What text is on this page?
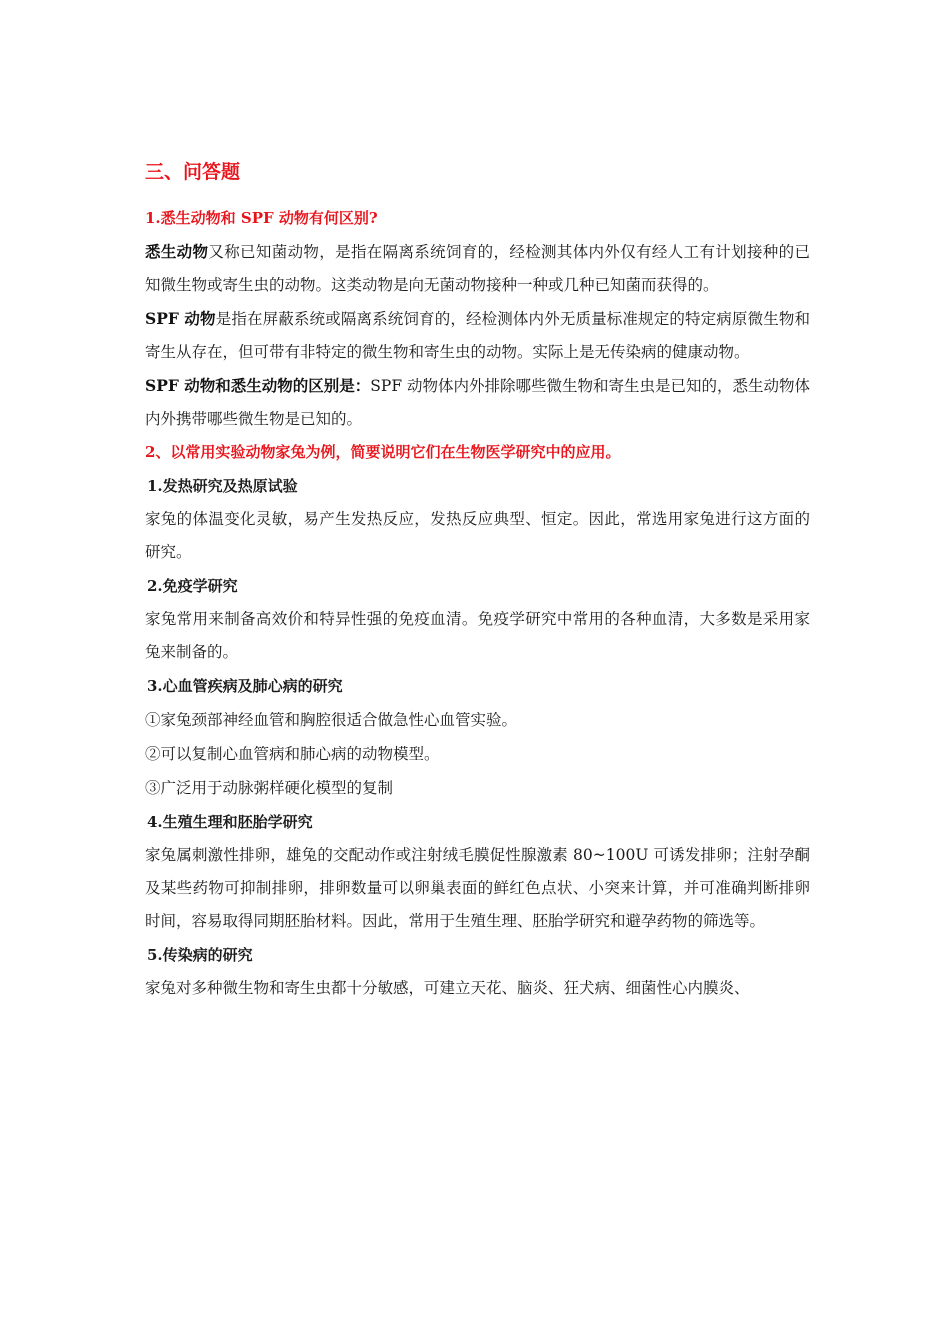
三、问答题

1.悉生动物和 SPF 动物有何区别?

悉生动物又称已知菌动物，是指在隔离系统饲育的，经检测其体内外仅有经人工有计划接种的已知微生物或寄生虫的动物。这类动物是向无菌动物接种一种或几种已知菌而获得的。

SPF 动物是指在屏蔽系统或隔离系统饲育的，经检测体内外无质量标准规定的特定病原微生物和寄生从存在，但可带有非特定的微生物和寄生虫的动物。实际上是无传染病的健康动物。

SPF 动物和悉生动物的区别是：SPF 动物体内外排除哪些微生物和寄生虫是已知的，悉生动物体内外携带哪些微生物是已知的。

2、以常用实验动物家兔为例，简要说明它们在生物医学研究中的应用。

1.发热研究及热原试验

家兔的体温变化灵敏，易产生发热反应，发热反应典型、恒定。因此，常选用家兔进行这方面的研究。

2.免疫学研究

家兔常用来制备高效价和特异性强的免疫血清。免疫学研究中常用的各种血清，大多数是采用家兔来制备的。

3.心血管疾病及肺心病的研究

①家兔颈部神经血管和胸腔很适合做急性心血管实验。

②可以复制心血管病和肺心病的动物模型。

③广泛用于动脉粥样硬化模型的复制

4.生殖生理和胚胎学研究

家兔属刺激性排卵，雄兔的交配动作或注射绒毛膜促性腺激素 80~100U 可诱发排卵；注射孕酮及某些药物可抑制排卵，排卵数量可以卵巢表面的鲜红色点状、小突来计算，并可准确判断排卵时间，容易取得同期胚胎材料。因此，常用于生殖生理、胚胎学研究和避孕药物的筛选等。

5.传染病的研究

家兔对多种微生物和寄生虫都十分敏感，可建立天花、脑炎、狂犬病、细菌性心内膜炎、
